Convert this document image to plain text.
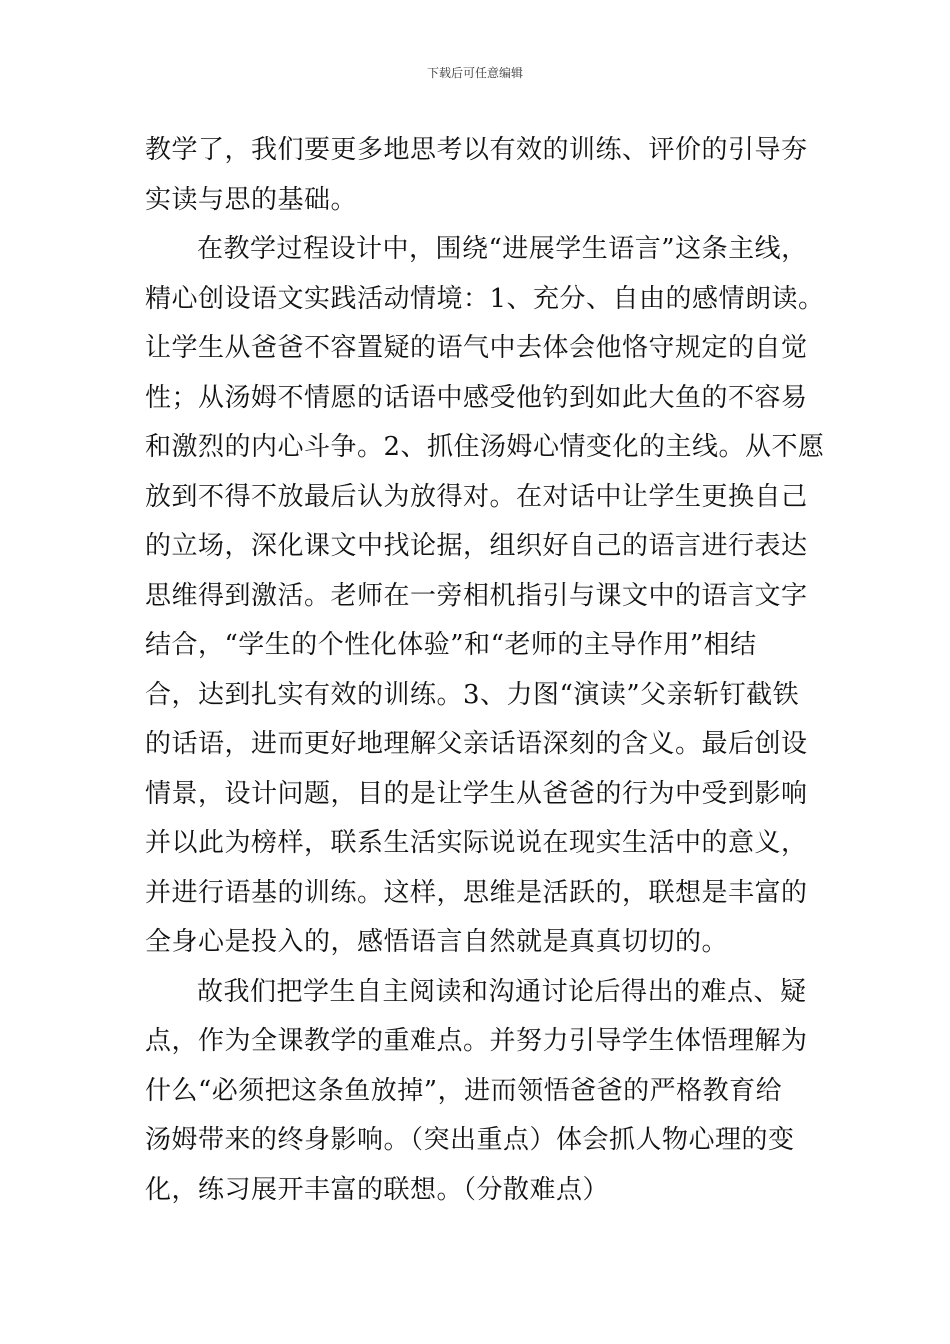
下载后可任意编辑
教学了，我们要更多地思考以有效的训练、评价的引导夯
实读与思的基础。
在教学过程设计中，围绕“进展学生语言”这条主线，
精心创设语文实践活动情境：1、充分、自由的感情朗读。
让学生从爸爸不容置疑的语气中去体会他恪守规定的自觉
性；从汤姆不情愿的话语中感受他钓到如此大鱼的不容易
和激烈的内心斗争。2、抓住汤姆心情变化的主线。从不愿
放到不得不放最后认为放得对。在对话中让学生更换自己
的立场，深化课文中找论据，组织好自己的语言进行表达
思维得到激活。老师在一旁相机指引与课文中的语言文字
结合，“学生的个性化体验”和“老师的主导作用”相结
合，达到扎实有效的训练。3、力图“演读”父亲斩钉截铁
的话语，进而更好地理解父亲话语深刻的含义。最后创设
情景，设计问题，目的是让学生从爸爸的行为中受到影响
并以此为榜样，联系生活实际说说在现实生活中的意义，
并进行语基的训练。这样，思维是活跃的，联想是丰富的
全身心是投入的，感悟语言自然就是真真切切的。
故我们把学生自主阅读和沟通讨论后得出的难点、疑
点，作为全课教学的重难点。并努力引导学生体悟理解为
什么“必须把这条鱼放掉”，进而领悟爸爸的严格教育给
汤姆带来的终身影响。（突出重点）体会抓人物心理的变
化，练习展开丰富的联想。（分散难点）
